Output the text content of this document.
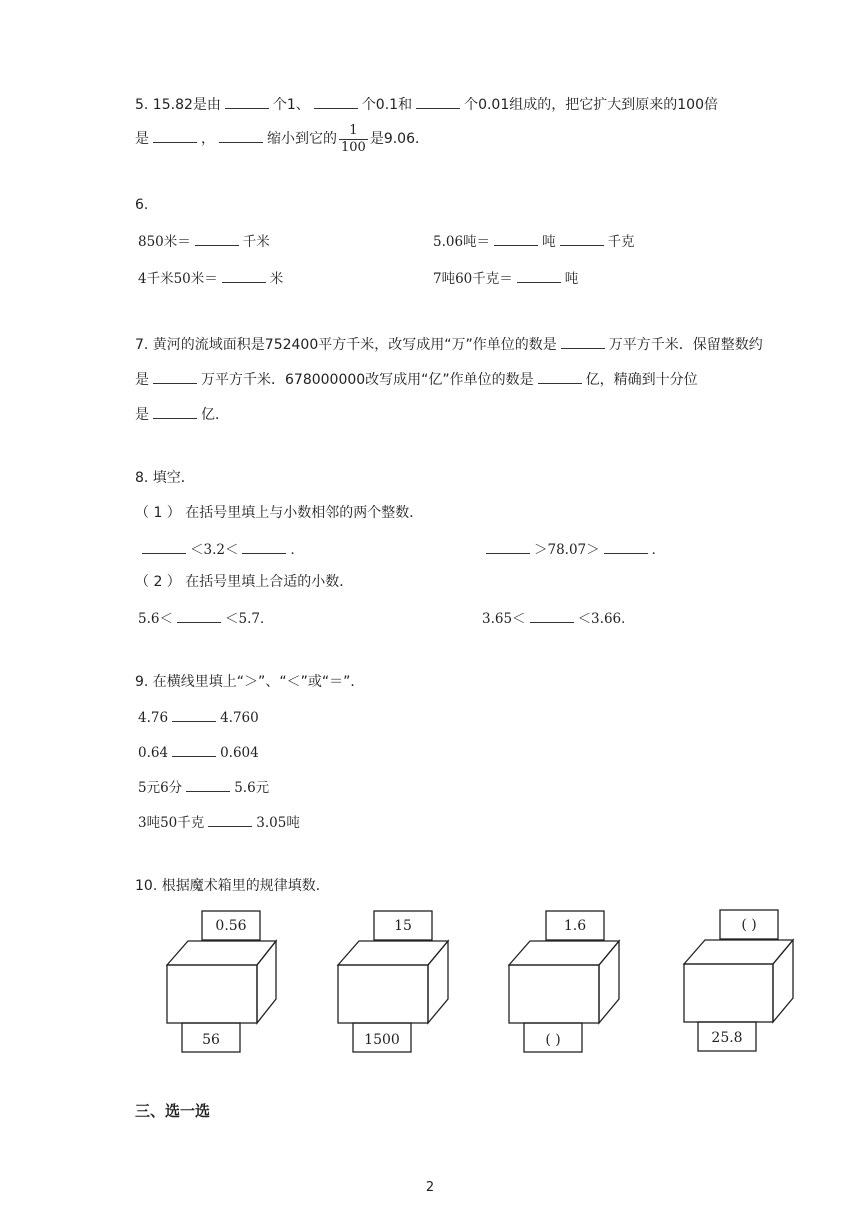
5. 15.82是由	个1、	个0.1和	个0.01组成的，把它扩大到原来的100倍
是	，	缩小到它的 $\frac{1}{100}$ 是9.06．
6.
850米＝	千米	5.06吨＝	吨	千克
4千米50米＝	米	7吨60千克＝	吨
7. 黄河的流域面积是752400平方千米，改写成用“万”作单位的数是	万平方千米．保留整数约
是	万平方千米．678000000改写成用“亿”作单位的数是	亿，精确到十分位
是	亿．
8. 填空．
（ 1 ） 在括号里填上与小数相邻的两个整数．
＜3.2＜	．	＞78.07＞	．
（ 2 ） 在括号里填上合适的小数．
5.6＜	＜5.7．	3.65＜	＜3.66．
9. 在横线里填上“＞”、“＜”或“＝”．
4.76	4.760
0.64	0.604
5元6分	5.6元
3吨50千克	3.05吨
10. 根据魔术箱里的规律填数．
0.56
56
15
1500
1.6
( )
( )
25.8
三、选一选
2
